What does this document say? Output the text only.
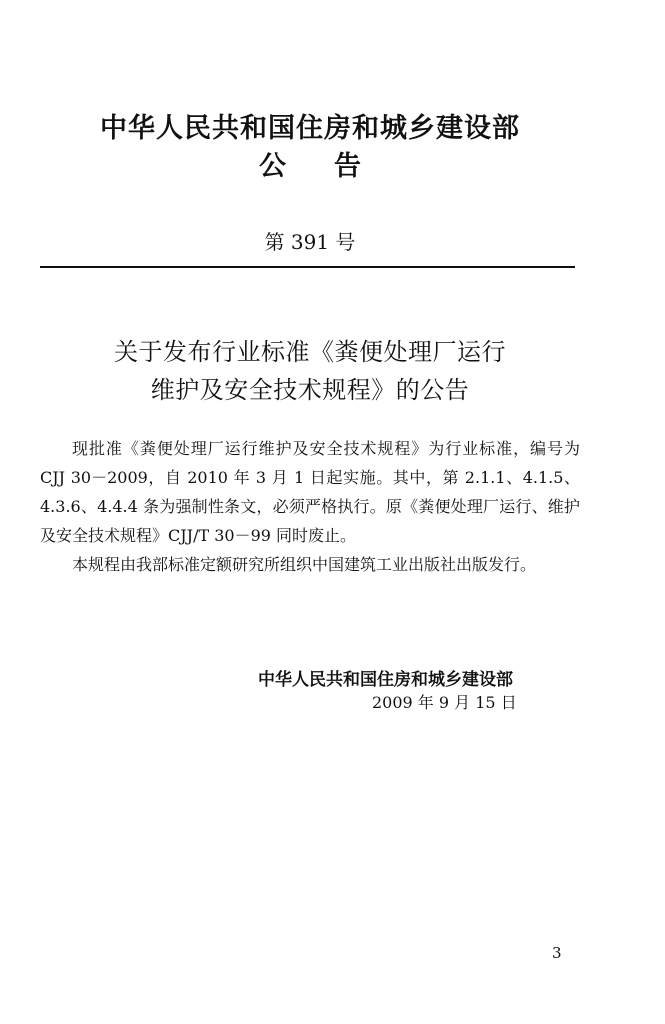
中华人民共和国住房和城乡建设部
公告
第 391 号
关于发布行业标准《粪便处理厂运行
维护及安全技术规程》的公告

现批准《粪便处理厂运行维护及安全技术规程》为行业标准，编号为 CJJ 30－2009，自 2010 年 3 月 1 日起实施。其中，第 2.1.1、4.1.5、4.3.6、4.4.4 条为强制性条文，必须严格执行。原《粪便处理厂运行、维护及安全技术规程》CJJ/T 30－99 同时废止。

本规程由我部标准定额研究所组织中国建筑工业出版社出版发行。

中华人民共和国住房和城乡建设部
2009 年 9 月 15 日
3
